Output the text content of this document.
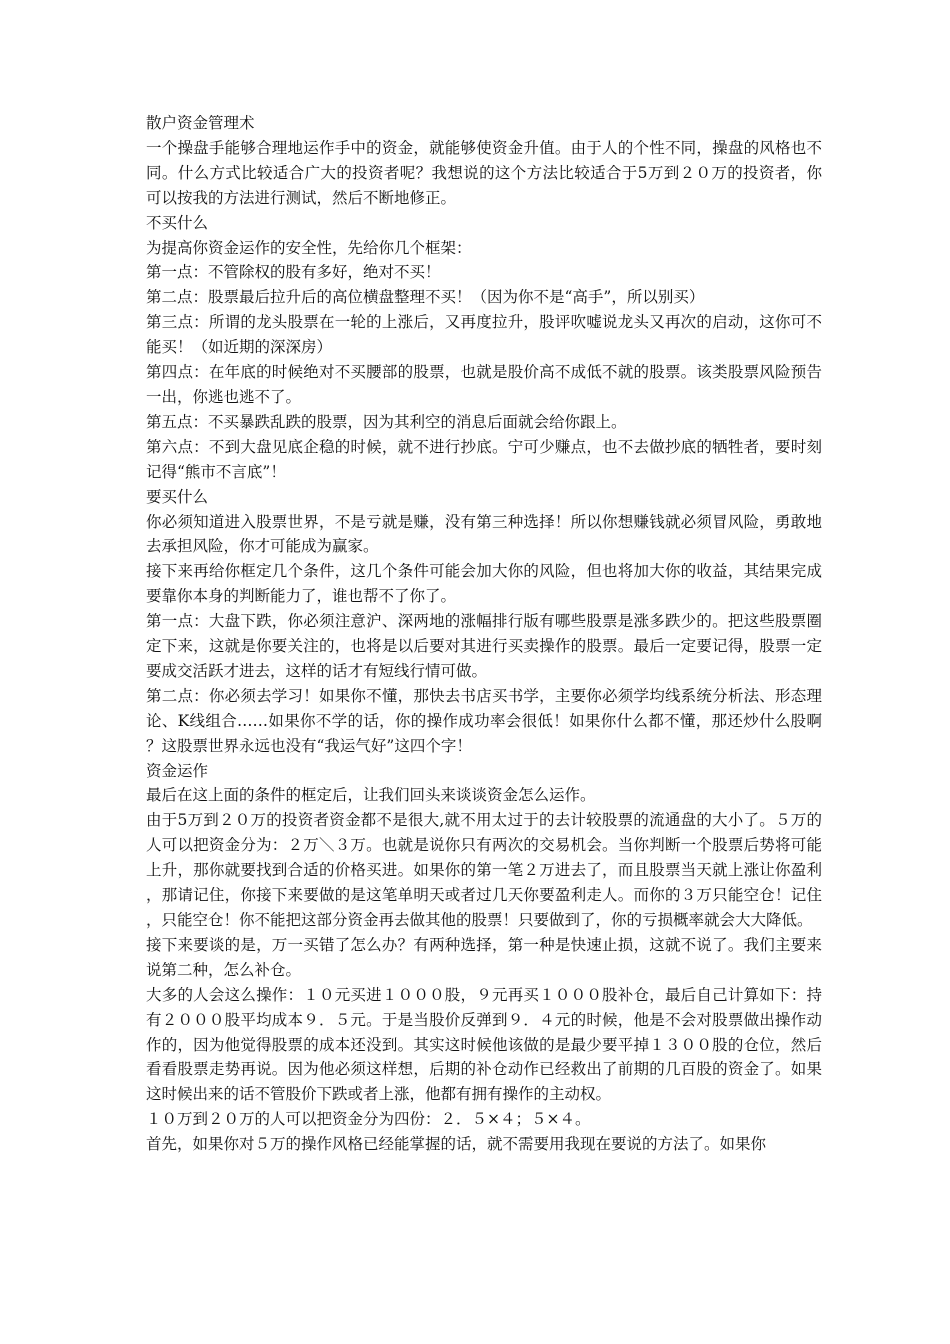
散户资金管理术

一个操盘手能够合理地运作手中的资金，就能够使资金升值。由于人的个性不同，操盘的风格也不同。什么方式比较适合广大的投资者呢？我想说的这个方法比较适合于5万到２０万的投资者，你可以按我的方法进行测试，然后不断地修正。

不买什么

为提高你资金运作的安全性，先给你几个框架：

第一点：不管除权的股有多好，绝对不买！

第二点：股票最后拉升后的高位横盘整理不买！（因为你不是“高手”，所以别买）

第三点：所谓的龙头股票在一轮的上涨后，又再度拉升，股评吹嘘说龙头又再次的启动，这你可不能买！（如近期的深深房）

第四点：在年底的时候绝对不买腰部的股票，也就是股价高不成低不就的股票。该类股票风险预告一出，你逃也逃不了。

第五点：不买暴跌乱跌的股票，因为其利空的消息后面就会给你跟上。

第六点：不到大盘见底企稳的时候，就不进行抄底。宁可少赚点，也不去做抄底的牺牲者，要时刻记得“熊市不言底”！

要买什么

你必须知道进入股票世界，不是亏就是赚，没有第三种选择！所以你想赚钱就必须冒风险，勇敢地去承担风险，你才可能成为赢家。

接下来再给你框定几个条件，这几个条件可能会加大你的风险，但也将加大你的收益，其结果完成要靠你本身的判断能力了，谁也帮不了你了。

第一点：大盘下跌，你必须注意沪、深两地的涨幅排行版有哪些股票是涨多跌少的。把这些股票圈定下来，这就是你要关注的，也将是以后要对其进行买卖操作的股票。最后一定要记得，股票一定要成交活跃才进去，这样的话才有短线行情可做。

第二点：你必须去学习！如果你不懂，那快去书店买书学，主要你必须学均线系统分析法、形态理论、K线组合……如果你不学的话，你的操作成功率会很低！如果你什么都不懂，那还炒什么股啊？这股票世界永远也没有“我运气好”这四个字！

资金运作

最后在这上面的条件的框定后，让我们回头来谈谈资金怎么运作。

由于5万到２０万的投资者资金都不是很大,就不用太过于的去计较股票的流通盘的大小了。５万的人可以把资金分为：２万＼３万。也就是说你只有两次的交易机会。当你判断一个股票后势将可能上升，那你就要找到合适的价格买进。如果你的第一笔２万进去了，而且股票当天就上涨让你盈利，那请记住，你接下来要做的是这笔单明天或者过几天你要盈利走人。而你的３万只能空仓！记住，只能空仓！你不能把这部分资金再去做其他的股票！只要做到了，你的亏损概率就会大大降低。

接下来要谈的是，万一买错了怎么办？有两种选择，第一种是快速止损，这就不说了。我们主要来说第二种，怎么补仓。

大多的人会这么操作：１０元买进１０００股，９元再买１０００股补仓，最后自己计算如下：持有２０００股平均成本９．５元。于是当股价反弹到９．４元的时候，他是不会对股票做出操作动作的，因为他觉得股票的成本还没到。其实这时候他该做的是最少要平掉１３００股的仓位，然后看看股票走势再说。因为他必须这样想，后期的补仓动作已经救出了前期的几百股的资金了。如果这时候出来的话不管股价下跌或者上涨，他都有拥有操作的主动权。

１０万到２０万的人可以把资金分为四份：２．５×４；５×４。

首先，如果你对５万的操作风格已经能掌握的话，就不需要用我现在要说的方法了。如果你
